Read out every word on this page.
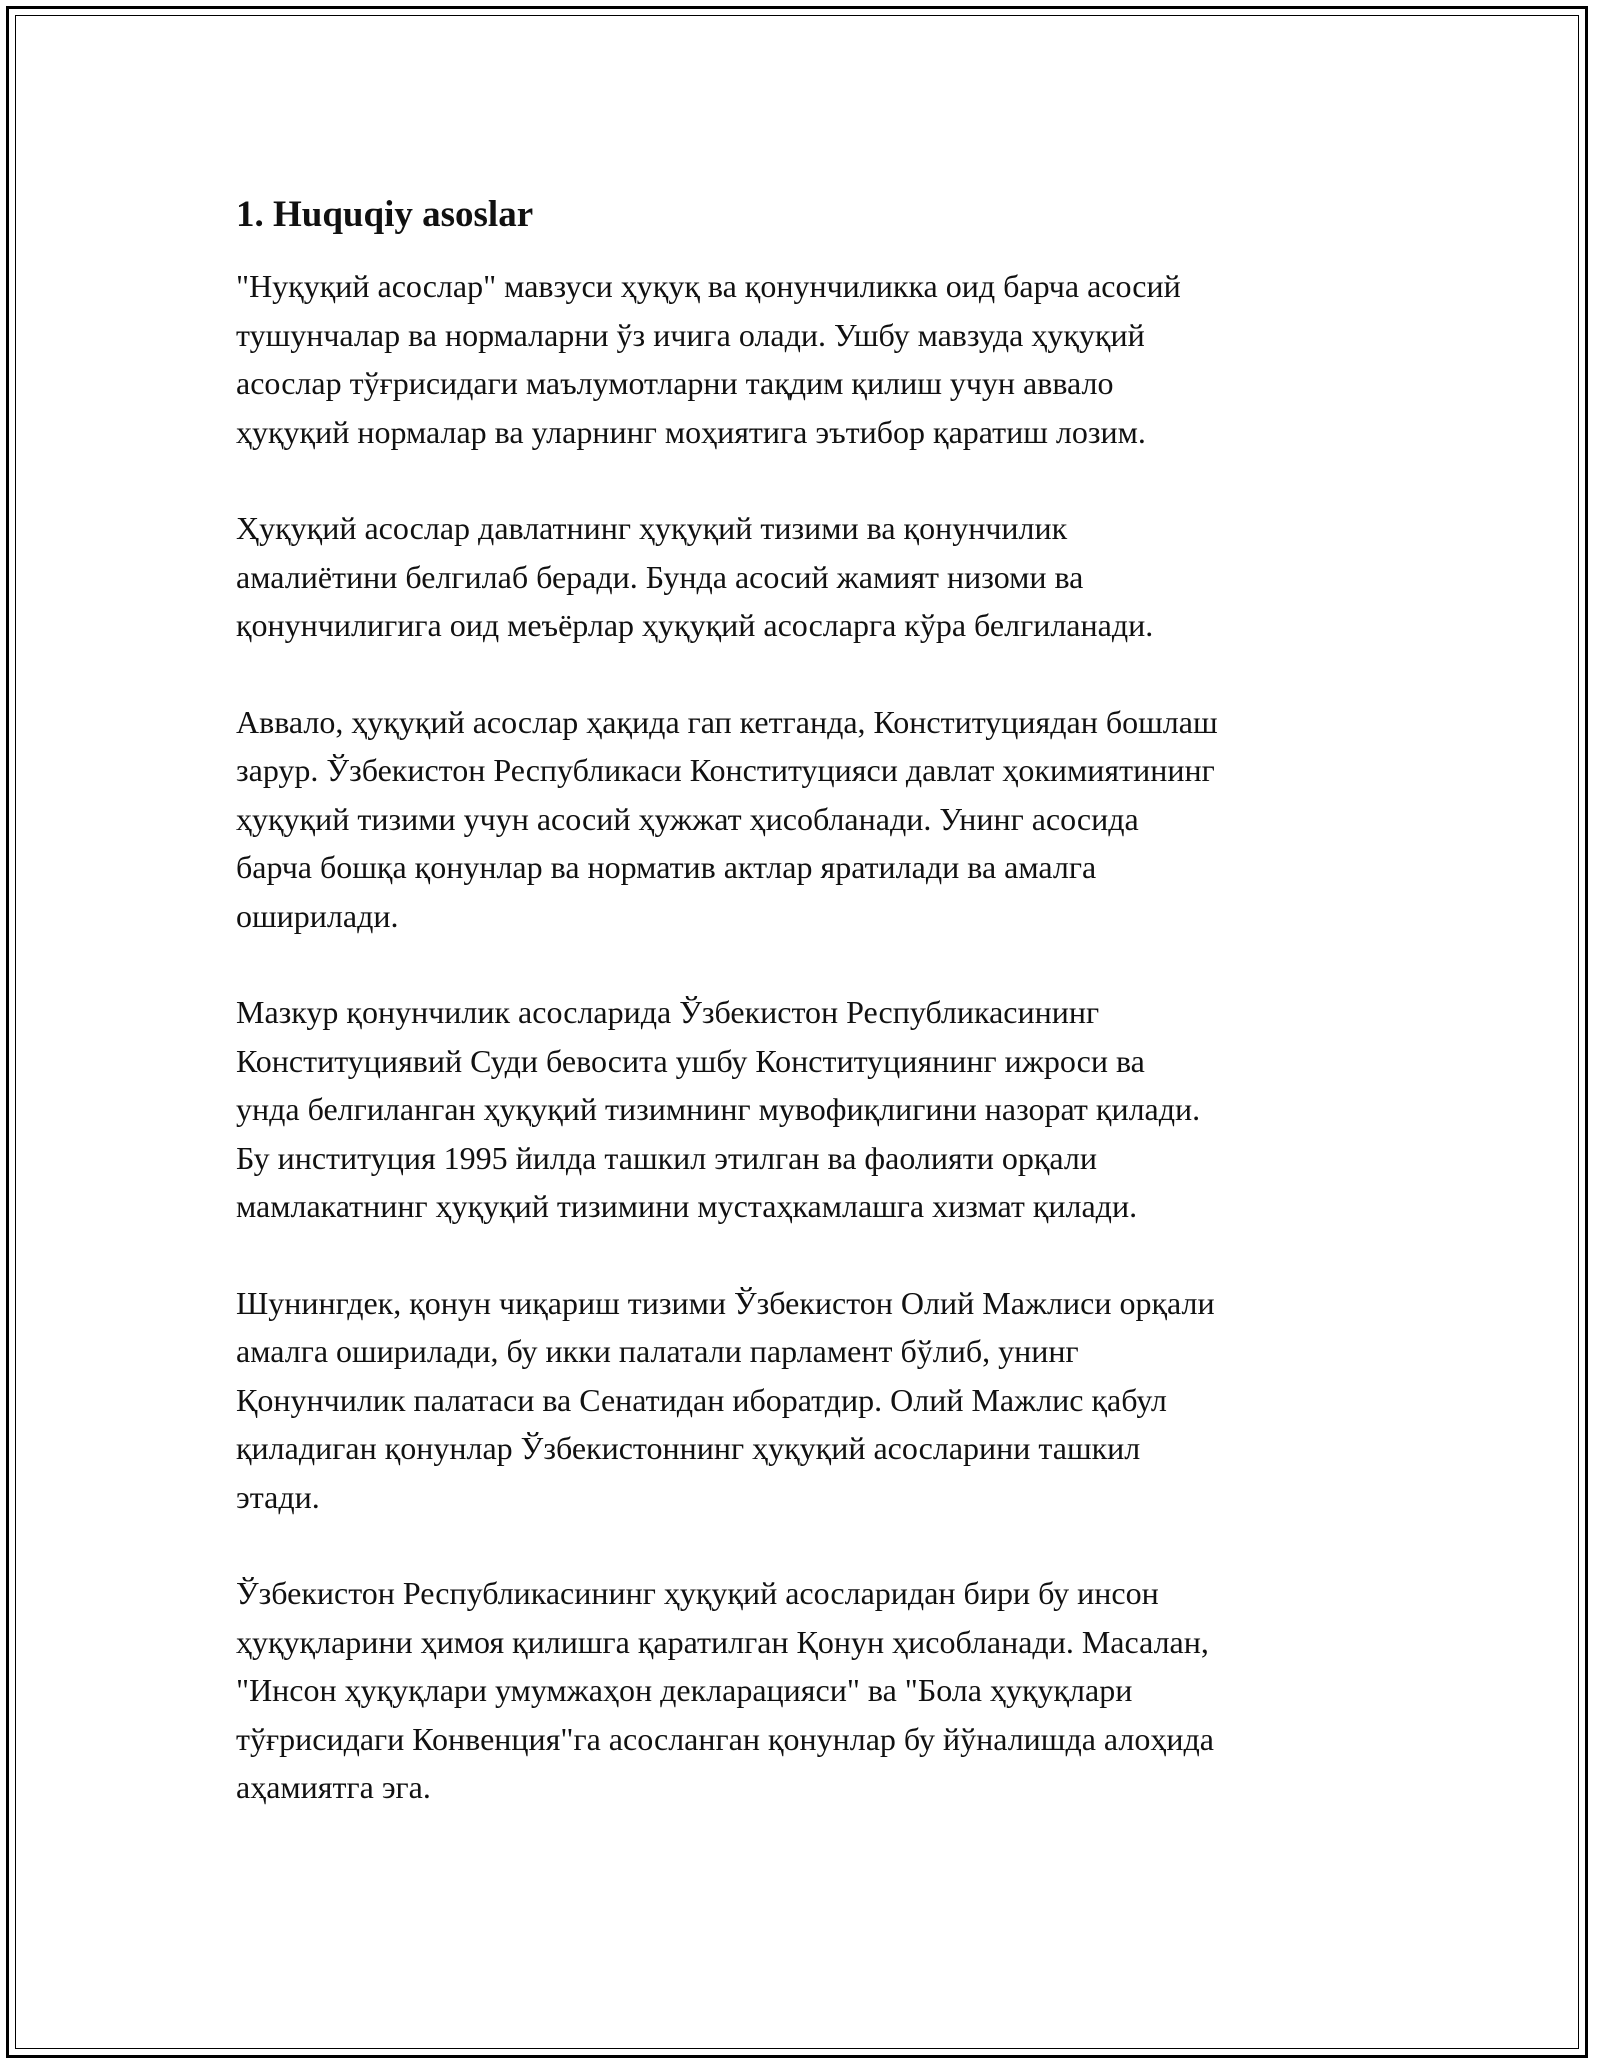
1. Huquqiy asoslar

"Нуқуқий асослар" мавзуси ҳуқуқ ва қонунчиликка оид барча асосий
тушунчалар ва нормаларни ўз ичига олади. Ушбу мавзуда ҳуқуқий
асослар тўғрисидаги маълумотларни тақдим қилиш учун аввало
ҳуқуқий нормалар ва уларнинг моҳиятига эътибор қаратиш лозим.

Ҳуқуқий асослар давлатнинг ҳуқуқий тизими ва қонунчилик
амалиётини белгилаб беради. Бунда асосий жамият низоми ва
қонунчилигига оид меъёрлар ҳуқуқий асосларга кўра белгиланади.

Аввало, ҳуқуқий асослар ҳақида гап кетганда, Конституциядан бошлаш
зарур. Ўзбекистон Республикаси Конституцияси давлат ҳокимиятининг
ҳуқуқий тизими учун асосий ҳужжат ҳисобланади. Унинг асосида
барча бошқа қонунлар ва норматив актлар яратилади ва амалга
оширилади.

Мазкур қонунчилик асосларида Ўзбекистон Республикасининг
Конституциявий Суди бевосита ушбу Конституциянинг ижроси ва
унда белгиланган ҳуқуқий тизимнинг мувофиқлигини назорат қилади.
Бу институция 1995 йилда ташкил этилган ва фаолияти орқали
мамлакатнинг ҳуқуқий тизимини мустаҳкамлашга хизмат қилади.

Шунингдек, қонун чиқариш тизими Ўзбекистон Олий Мажлиси орқали
амалга оширилади, бу икки палатали парламент бўлиб, унинг
Қонунчилик палатаси ва Сенатидан иборатдир. Олий Мажлис қабул
қиладиган қонунлар Ўзбекистоннинг ҳуқуқий асосларини ташкил
этади.

Ўзбекистон Республикасининг ҳуқуқий асосларидан бири бу инсон
ҳуқуқларини ҳимоя қилишга қаратилган Қонун ҳисобланади. Масалан,
"Инсон ҳуқуқлари умумжаҳон декларацияси" ва "Бола ҳуқуқлари
тўғрисидаги Конвенция"га асосланган қонунлар бу йўналишда алоҳида
аҳамиятга эга.
